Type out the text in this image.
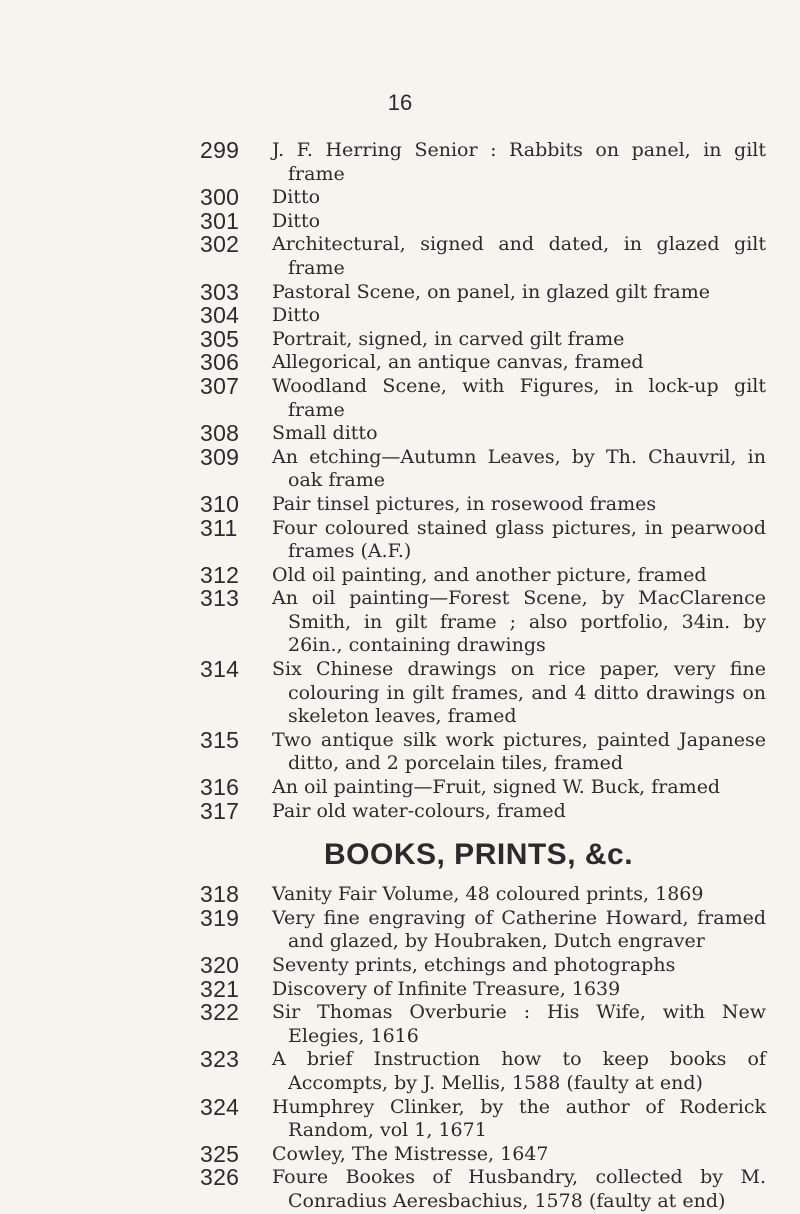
16
299	J. F. Herring Senior : Rabbits on panel, in gilt frame
300	Ditto
301	Ditto
302	Architectural, signed and dated, in glazed gilt frame
303	Pastoral Scene, on panel, in glazed gilt frame
304	Ditto
305	Portrait, signed, in carved gilt frame
306	Allegorical, an antique canvas, framed
307	Woodland Scene, with Figures, in lock-up gilt frame
308	Small ditto
309	An etching—Autumn Leaves, by Th. Chauvril, in oak frame
310	Pair tinsel pictures, in rosewood frames
311	Four coloured stained glass pictures, in pearwood frames (A.F.)
312	Old oil painting, and another picture, framed
313	An oil painting—Forest Scene, by MacClarence Smith, in gilt frame ; also portfolio, 34in. by 26in., containing drawings
314	Six Chinese drawings on rice paper, very fine colouring in gilt frames, and 4 ditto drawings on skeleton leaves, framed
315	Two antique silk work pictures, painted Japanese ditto, and 2 porcelain tiles, framed
316	An oil painting—Fruit, signed W. Buck, framed
317	Pair old water-colours, framed
BOOKS, PRINTS, &c.
318	Vanity Fair Volume, 48 coloured prints, 1869
319	Very fine engraving of Catherine Howard, framed and glazed, by Houbraken, Dutch engraver
320	Seventy prints, etchings and photographs
321	Discovery of Infinite Treasure, 1639
322	Sir Thomas Overburie : His Wife, with New Elegies, 1616
323	A brief Instruction how to keep books of Accompts, by J. Mellis, 1588 (faulty at end)
324	Humphrey Clinker, by the author of Roderick Random, vol 1, 1671
325	Cowley, The Mistresse, 1647
326	Foure Bookes of Husbandry, collected by M. Conradius Aeresbachius, 1578 (faulty at end)
